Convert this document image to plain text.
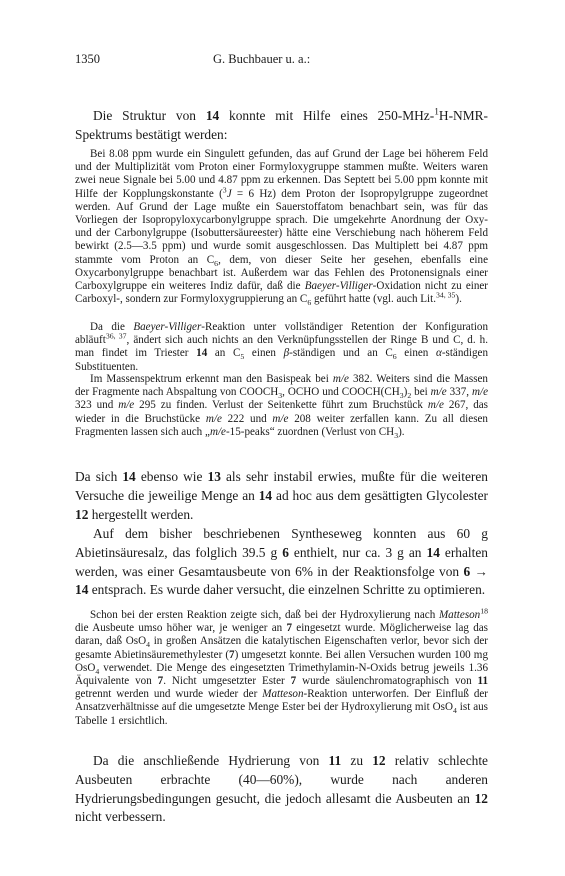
1350	G. Buchbauer u. a.:

Die Struktur von 14 konnte mit Hilfe eines 250-MHz-$^1$H-NMR-Spektrums bestätigt werden:

Bei 8.08 ppm wurde ein Singulett gefunden, das auf Grund der Lage bei höherem Feld und der Multiplizität vom Proton einer Formyloxygruppe stammen mußte. Weiters waren zwei neue Signale bei 5.00 und 4.87 ppm zu erkennen. Das Septett bei 5.00 ppm konnte mit Hilfe der Kopplungskonstante ($^3$J = 6 Hz) dem Proton der Isopropylgruppe zugeordnet werden. Auf Grund der Lage mußte ein Sauerstoffatom benachbart sein, was für das Vorliegen der Isopropyloxycarbonylgruppe sprach. Die umgekehrte Anordnung der Oxy- und der Carbonylgruppe (Isobuttersäureester) hätte eine Verschiebung nach höherem Feld bewirkt (2.5—3.5 ppm) und wurde somit ausgeschlossen. Das Multiplett bei 4.87 ppm stammte vom Proton an $C_6$, dem, von dieser Seite her gesehen, ebenfalls eine Oxycarbonylgruppe benachbart ist. Außerdem war das Fehlen des Protonensignals einer Carboxylgruppe ein weiteres Indiz dafür, daß die Baeyer-Villiger-Oxidation nicht zu einer Carboxyl-, sondern zur Formyloxygruppierung an $C_6$ geführt hatte (vgl. auch Lit.$^{34, 35}$).

Da die Baeyer-Villiger-Reaktion unter vollständiger Retention der Konfiguration abläuft$^{36, 37}$, ändert sich auch nichts an den Verknüpfungsstellen der Ringe B und C, d. h. man findet im Triester 14 an $C_5$ einen β-ständigen und an $C_6$ einen α-ständigen Substituenten.

Im Massenspektrum erkennt man den Basispeak bei m/e 382. Weiters sind die Massen der Fragmente nach Abspaltung von $COOCH_3$, OCHO und $COOCH(CH_3)_2$ bei m/e 337, m/e 323 und m/e 295 zu finden. Verlust der Seitenkette führt zum Bruchstück m/e 267, das wieder in die Bruchstücke m/e 222 und m/e 208 weiter zerfallen kann. Zu all diesen Fragmenten lassen sich auch „m/e-15-peaks“ zuordnen (Verlust von $CH_3$).

Da sich 14 ebenso wie 13 als sehr instabil erwies, mußte für die weiteren Versuche die jeweilige Menge an 14 ad hoc aus dem gesättigten Glycolester 12 hergestellt werden.

Auf dem bisher beschriebenen Syntheseweg konnten aus 60 g Abietinsäuresalz, das folglich 39.5 g 6 enthielt, nur ca. 3 g an 14 erhalten werden, was einer Gesamtausbeute von 6% in der Reaktionsfolge von 6 → 14 entsprach. Es wurde daher versucht, die einzelnen Schritte zu optimieren.

Schon bei der ersten Reaktion zeigte sich, daß bei der Hydroxylierung nach Matteson$^{18}$ die Ausbeute umso höher war, je weniger an 7 eingesetzt wurde. Möglicherweise lag das daran, daß OsO$_4$ in großen Ansätzen die katalytischen Eigenschaften verlor, bevor sich der gesamte Abietinsäuremethylester (7) umgesetzt konnte. Bei allen Versuchen wurden 100 mg OsO$_4$ verwendet. Die Menge des eingesetzten Trimethylamin-N-Oxids betrug jeweils 1.36 Äquivalente von 7. Nicht umgesetzter Ester 7 wurde säulenchromatographisch von 11 getrennt werden und wurde wieder der Matteson-Reaktion unterworfen. Der Einfluß der Ansatzverhältnisse auf die umgesetzte Menge Ester bei der Hydroxylierung mit OsO$_4$ ist aus Tabelle 1 ersichtlich.

Da die anschließende Hydrierung von 11 zu 12 relativ schlechte Ausbeuten erbrachte (40—60%), wurde nach anderen Hydrierungsbedingungen gesucht, die jedoch allesamt die Ausbeuten an 12 nicht verbessern.
